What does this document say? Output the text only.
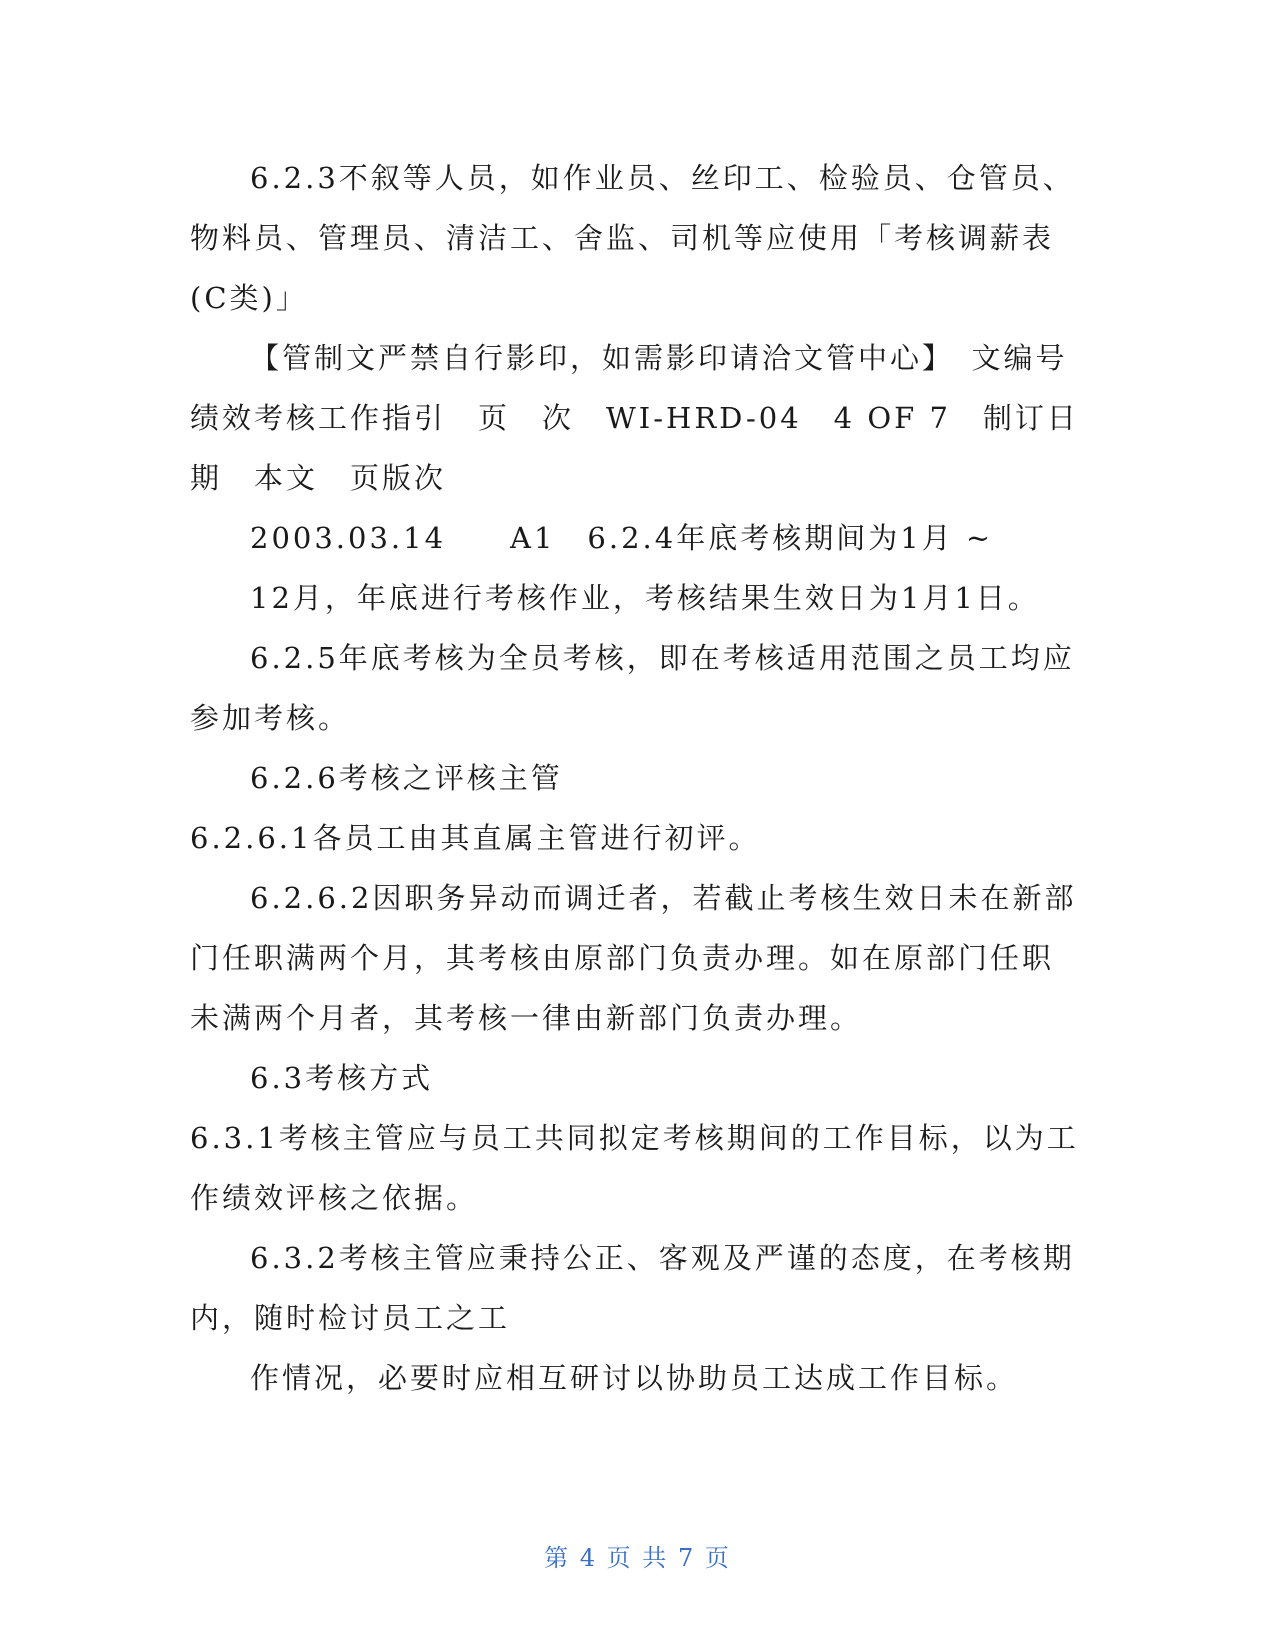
6.2.3不叙等人员，如作业员、丝印工、检验员、仓管员、物料员、管理员、清洁工、舍监、司机等应使用「考核调薪表(C类)」

【管制文严禁自行影印，如需影印请洽文管中心】　文编号绩效考核工作指引　页　次　WI-HRD-04　4 OF 7　制订日期　本文　页版次

2003.03.14　　A1　6.2.4年底考核期间为1月 ~

12月，年底进行考核作业，考核结果生效日为1月1日。

6.2.5年底考核为全员考核，即在考核适用范围之员工均应参加考核。

6.2.6考核之评核主管

6.2.6.1各员工由其直属主管进行初评。

6.2.6.2因职务异动而调迁者，若截止考核生效日未在新部门任职满两个月，其考核由原部门负责办理。如在原部门任职未满两个月者，其考核一律由新部门负责办理。

6.3考核方式

6.3.1考核主管应与员工共同拟定考核期间的工作目标，以为工作绩效评核之依据。

6.3.2考核主管应秉持公正、客观及严谨的态度，在考核期内，随时检讨员工之工

作情况，必要时应相互研讨以协助员工达成工作目标。

第 4 页 共 7 页
